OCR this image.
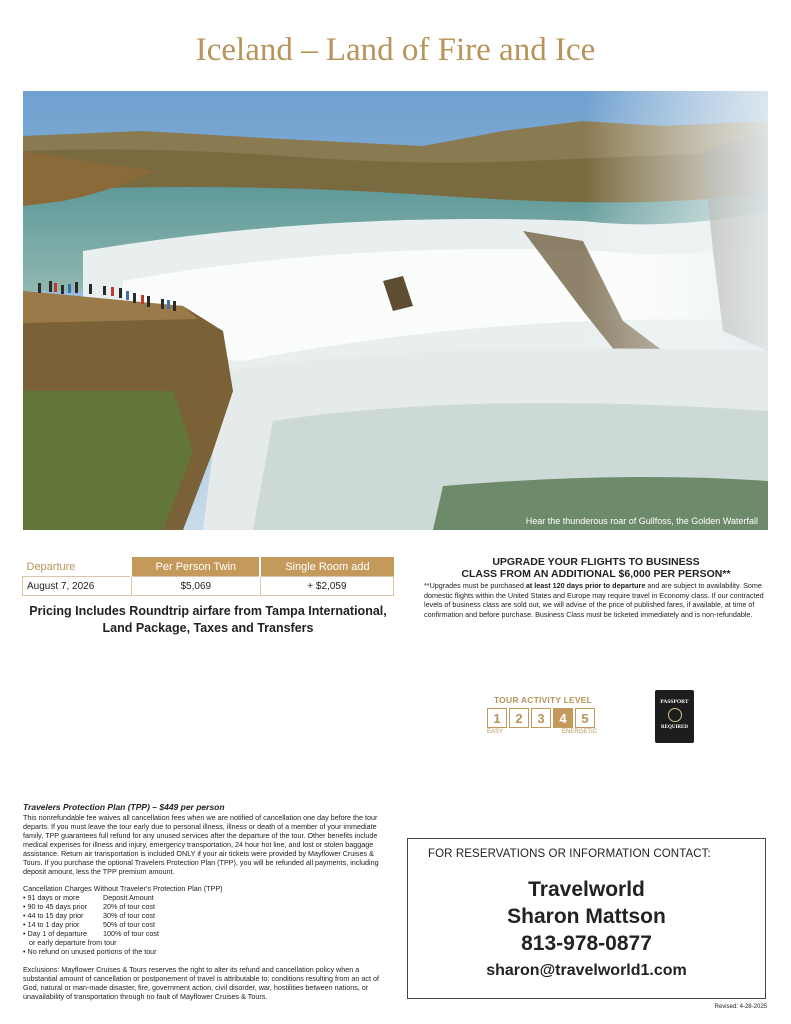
Iceland – Land of Fire and Ice
Hear the thunderous roar of Gullfoss, the Golden Waterfall
Departure	Per Person Twin	Single Room add
August 7, 2026	$5,069	+ $2,059
Pricing Includes Roundtrip airfare from Tampa International,
Land Package, Taxes and Transfers
UPGRADE YOUR FLIGHTS TO BUSINESS
CLASS FROM AN ADDITIONAL $6,000 PER PERSON**
**Upgrades must be purchased at least 120 days prior to departure and are subject to availability. Some domestic flights within the United States and Europe may require travel in Economy class. If our contracted levels of business class are sold out, we will advise of the price of published fares, if available, at time of confirmation and before purchase. Business Class must be ticketed immediately and is non-refundable.
TOUR ACTIVITY LEVEL
1	2	3	4	5
EASY	ENERGETIC
PASSPORT
REQUIRED
Travelers Protection Plan (TPP) – $449 per person

This nonrefundable fee waives all cancellation fees when we are notified of cancellation one day before the tour departs. If you must leave the tour early due to personal illness, illness or death of a member of your immediate family, TPP guarantees full refund for any unused services after the departure of the tour. Other benefits include medical expenses for illness and injury, emergency transportation, 24 hour hot line, and lost or stolen baggage assistance. Return air transportation is included ONLY if your air tickets were provided by Mayflower Cruises & Tours. If you purchase the optional Travelers Protection Plan (TPP), you will be refunded all payments, including deposit amount, less the TPP premium amount.

Cancellation Charges Without Traveler's Protection Plan (TPP)

• 91 days or more	Deposit Amount
• 90 to 45 days prior	20% of tour cost
• 44 to 15 day prior	30% of tour cost
• 14 to 1 day prior	50% of tour cost
• Day 1 of departure	100% of tour cost
or early departure from tour	
• No refund on unused portions of the tour	

Exclusions: Mayflower Cruises & Tours reserves the right to alter its refund and cancellation policy when a substantial amount of cancellation or postponement of travel is attributable to: conditions resulting from an act of God, natural or man-made disaster, fire, government action, civil disorder, war, hostilities between nations, or unavailability of transportation through no fault of Mayflower Cruises & Tours.

FOR RESERVATIONS OR INFORMATION CONTACT:
Travelworld
Sharon Mattson
813-978-0877
sharon@travelworld1.com
Revised: 4-28-2025
